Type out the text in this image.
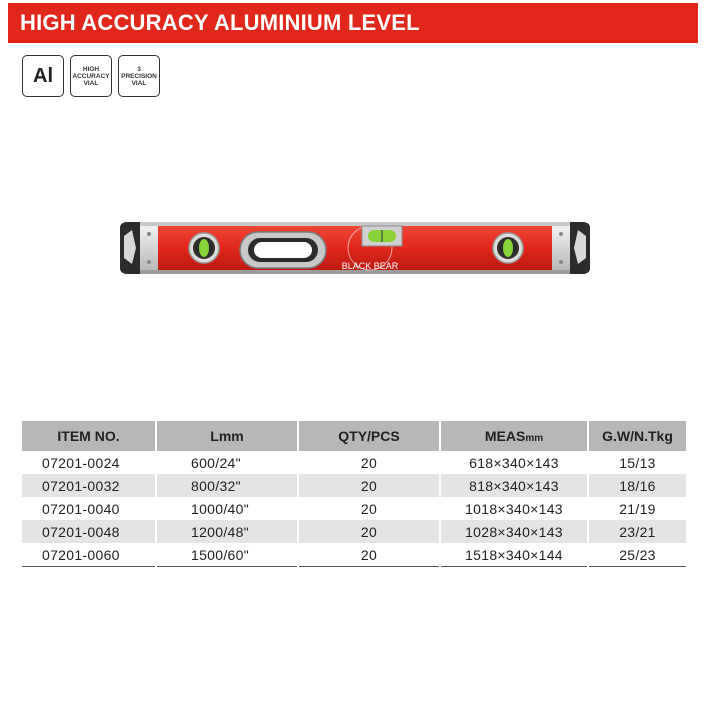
HIGH ACCURACY ALUMINIUM LEVEL
Al	HIGH
ACCURACY
VIAL
3
PRECISION
VIAL
BLACK BEAR
ITEM NO.	Lmm	QTY/PCS	MEASmm	G.W/N.Tkg
07201-0024	600/24"	20	618×340×143	15/13
07201-0032	800/32"	20	818×340×143	18/16
07201-0040	1000/40"	20	1018×340×143	21/19
07201-0048	1200/48"	20	1028×340×143	23/21
07201-0060	1500/60"	20	1518×340×144	25/23
